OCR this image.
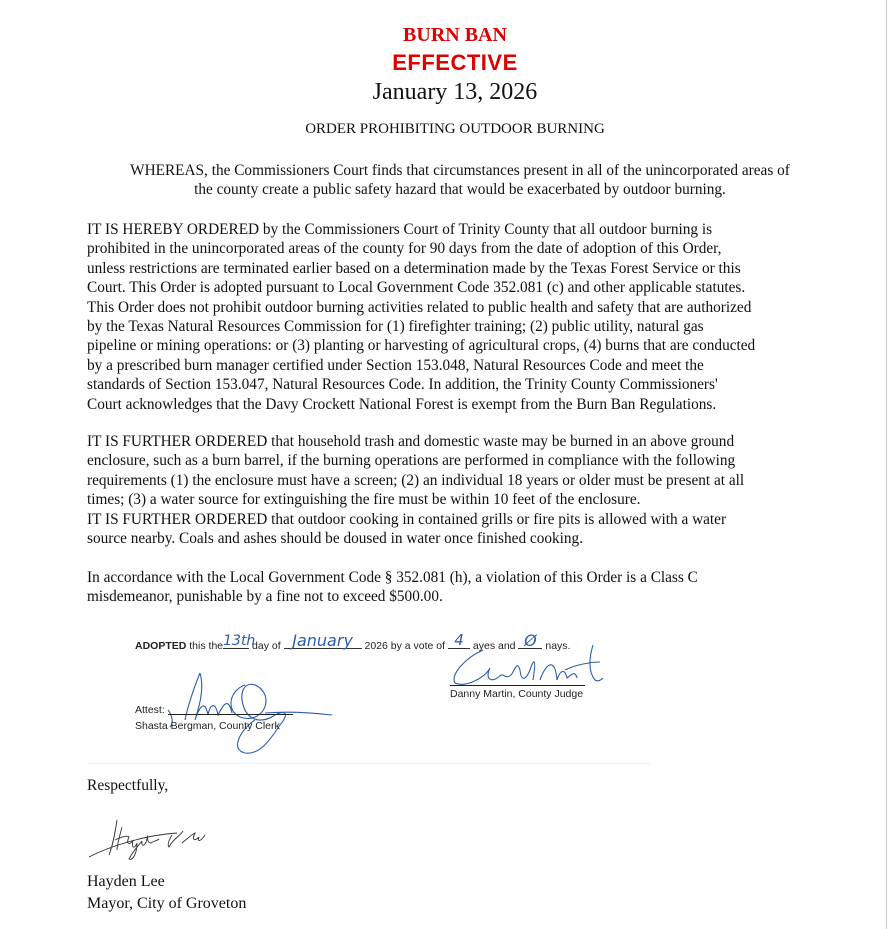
BURN BAN
EFFECTIVE
January 13, 2026
ORDER PROHIBITING OUTDOOR BURNING
WHEREAS, the Commissioners Court finds that circumstances present in all of the unincorporated areas of
the county create a public safety hazard that would be exacerbated by outdoor burning.
IT IS HEREBY ORDERED by the Commissioners Court of Trinity County that all outdoor burning is
prohibited in the unincorporated areas of the county for 90 days from the date of adoption of this Order,
unless restrictions are terminated earlier based on a determination made by the Texas Forest Service or this
Court. This Order is adopted pursuant to Local Government Code 352.081 (c) and other applicable statutes.
This Order does not prohibit outdoor burning activities related to public health and safety that are authorized
by the Texas Natural Resources Commission for (1) firefighter training; (2) public utility, natural gas
pipeline or mining operations: or (3) planting or harvesting of agricultural crops, (4) burns that are conducted
by a prescribed burn manager certified under Section 153.048, Natural Resources Code and meet the
standards of Section 153.047, Natural Resources Code. In addition, the Trinity County Commissioners'
Court acknowledges that the Davy Crockett National Forest is exempt from the Burn Ban Regulations.
IT IS FURTHER ORDERED that household trash and domestic waste may be burned in an above ground
enclosure, such as a burn barrel, if the burning operations are performed in compliance with the following
requirements (1) the enclosure must have a screen; (2) an individual 18 years or older must be present at all
times; (3) a water source for extinguishing the fire must be within 10 feet of the enclosure.
IT IS FURTHER ORDERED that outdoor cooking in contained grills or fire pits is allowed with a water
source nearby. Coals and ashes should be doused in water once finished cooking.
In accordance with the Local Government Code § 352.081 (h), a violation of this Order is a Class C
misdemeanor, punishable by a fine not to exceed $500.00.
ADOPTED this the 13th
day of January	2026 by a vote of 4 ayes and Ø nays.
Danny Martin, County Judge
Attest:
Shasta Bergman, County Clerk
Respectfully,
Hayden Lee
Mayor, City of Groveton
